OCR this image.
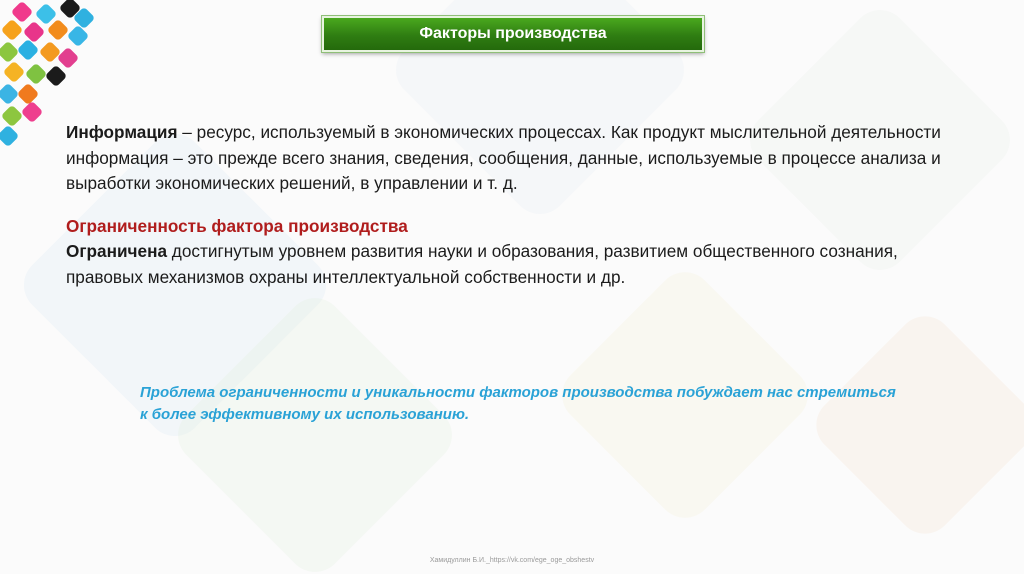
Факторы производства

Информация – ресурс, используемый в экономических процессах. Как продукт мыслительной деятельности информация – это прежде всего знания, сведения, сообщения, данные, используемые в процессе анализа и выработки экономических решений, в управлении и т. д.

Ограниченность фактора производства

Ограничена достигнутым уровнем развития науки и образования, развитием общественного сознания, правовых механизмов охраны интеллектуальной собственности и др.

Проблема ограниченности и уникальности факторов производства побуждает нас стремиться к более эффективному их использованию.

Хамидуллин Б.И._https://vk.com/ege_oge_obshestv
